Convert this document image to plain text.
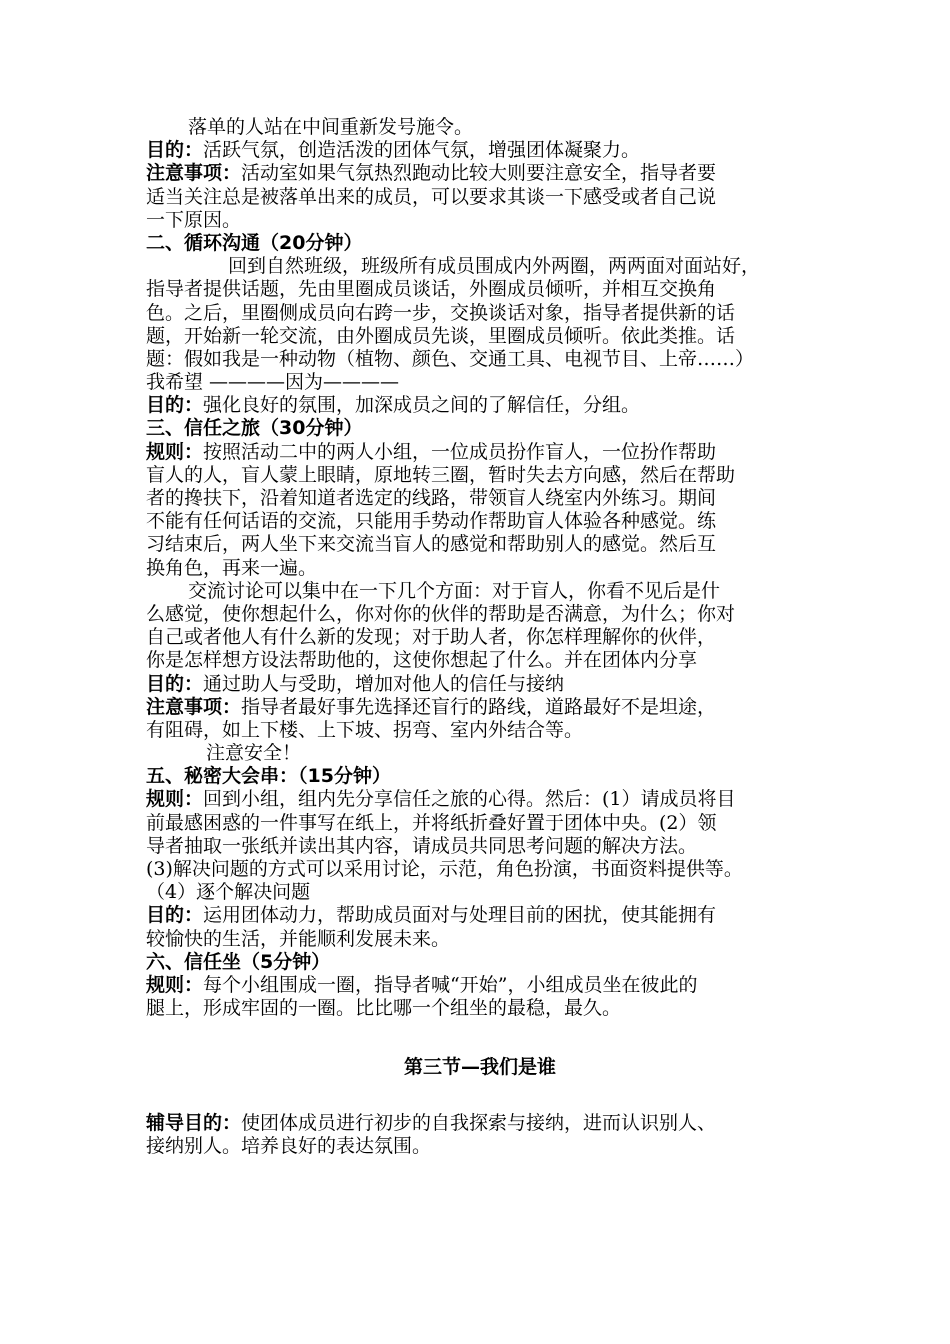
落单的人站在中间重新发号施令。
目的：活跃气氛，创造活泼的团体气氛，增强团体凝聚力。
注意事项：活动室如果气氛热烈跑动比较大则要注意安全，指导者要
适当关注总是被落单出来的成员，可以要求其谈一下感受或者自己说
一下原因。
二、循环沟通（20分钟）
回到自然班级，班级所有成员围成内外两圈，两两面对面站好，
指导者提供话题，先由里圈成员谈话，外圈成员倾听，并相互交换角
色。之后，里圈侧成员向右跨一步，交换谈话对象，指导者提供新的话
题，开始新一轮交流，由外圈成员先谈，里圈成员倾听。依此类推。话
题：假如我是一种动物（植物、颜色、交通工具、电视节目、上帝……）
我希望 ————因为————
目的：强化良好的氛围，加深成员之间的了解信任，分组。
三、信任之旅（30分钟）
规则：按照活动二中的两人小组，一位成员扮作盲人，一位扮作帮助
盲人的人，盲人蒙上眼睛，原地转三圈，暂时失去方向感，然后在帮助
者的搀扶下，沿着知道者选定的线路，带领盲人绕室内外练习。期间
不能有任何话语的交流，只能用手势动作帮助盲人体验各种感觉。练
习结束后，两人坐下来交流当盲人的感觉和帮助别人的感觉。然后互
换角色，再来一遍。
交流讨论可以集中在一下几个方面：对于盲人，你看不见后是什
么感觉，使你想起什么，你对你的伙伴的帮助是否满意，为什么；你对
自己或者他人有什么新的发现；对于助人者，你怎样理解你的伙伴，
你是怎样想方设法帮助他的，这使你想起了什么。并在团体内分享
目的：通过助人与受助，增加对他人的信任与接纳
注意事项：指导者最好事先选择还盲行的路线，道路最好不是坦途，
有阻碍，如上下楼、上下坡、拐弯、室内外结合等。
注意安全！
五、秘密大会串：（15分钟）
规则：回到小组，组内先分享信任之旅的心得。然后：(1）请成员将目
前最感困惑的一件事写在纸上，并将纸折叠好置于团体中央。(2）领
导者抽取一张纸并读出其内容，请成员共同思考问题的解决方法。
(3)解决问题的方式可以采用讨论，示范，角色扮演，书面资料提供等。
（4）逐个解决问题
目的：运用团体动力，帮助成员面对与处理目前的困扰，使其能拥有
较愉快的生活，并能顺利发展未来。
六、信任坐（5分钟）
规则：每个小组围成一圈，指导者喊“开始”，小组成员坐在彼此的
腿上，形成牢固的一圈。比比哪一个组坐的最稳，最久。
第三节—我们是谁
辅导目的：使团体成员进行初步的自我探索与接纳，进而认识别人、
接纳别人。培养良好的表达氛围。
